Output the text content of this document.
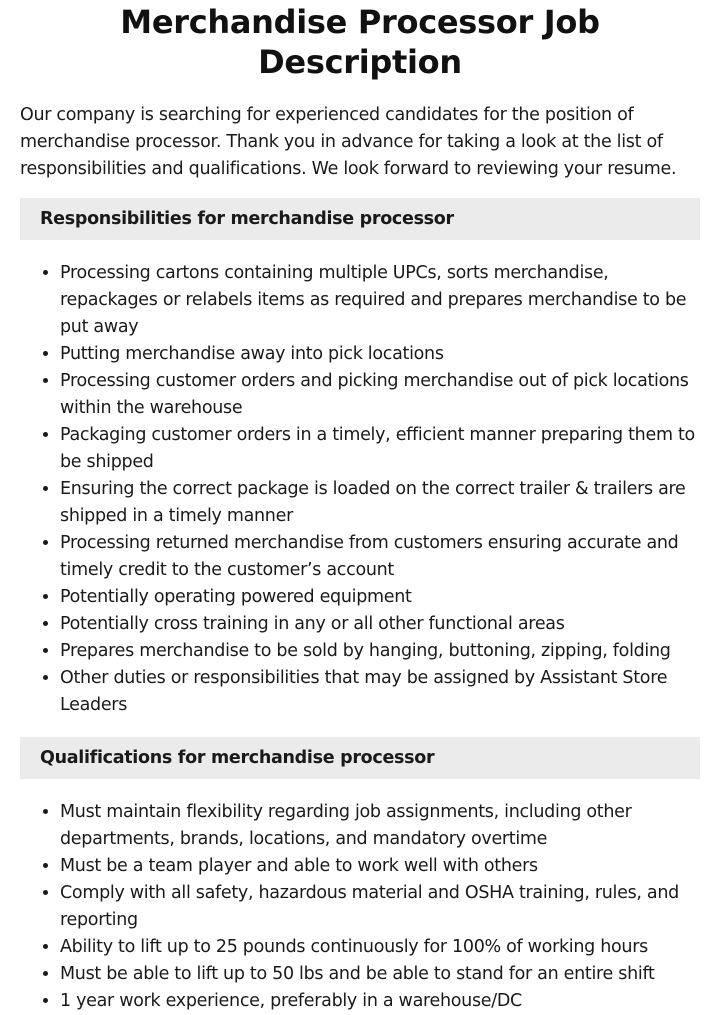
Merchandise Processor Job Description

Our company is searching for experienced candidates for the position of merchandise processor. Thank you in advance for taking a look at the list of responsibilities and qualifications. We look forward to reviewing your resume.

Responsibilities for merchandise processor
• Processing cartons containing multiple UPCs, sorts merchandise, repackages or relabels items as required and prepares merchandise to be put away
• Putting merchandise away into pick locations
• Processing customer orders and picking merchandise out of pick locations within the warehouse
• Packaging customer orders in a timely, efficient manner preparing them to be shipped
• Ensuring the correct package is loaded on the correct trailer & trailers are shipped in a timely manner
• Processing returned merchandise from customers ensuring accurate and timely credit to the customer’s account
• Potentially operating powered equipment
• Potentially cross training in any or all other functional areas
• Prepares merchandise to be sold by hanging, buttoning, zipping, folding
• Other duties or responsibilities that may be assigned by Assistant Store Leaders
Qualifications for merchandise processor
• Must maintain flexibility regarding job assignments, including other departments, brands, locations, and mandatory overtime
• Must be a team player and able to work well with others
• Comply with all safety, hazardous material and OSHA training, rules, and reporting
• Ability to lift up to 25 pounds continuously for 100% of working hours
• Must be able to lift up to 50 lbs and be able to stand for an entire shift
• 1 year work experience, preferably in a warehouse/DC
